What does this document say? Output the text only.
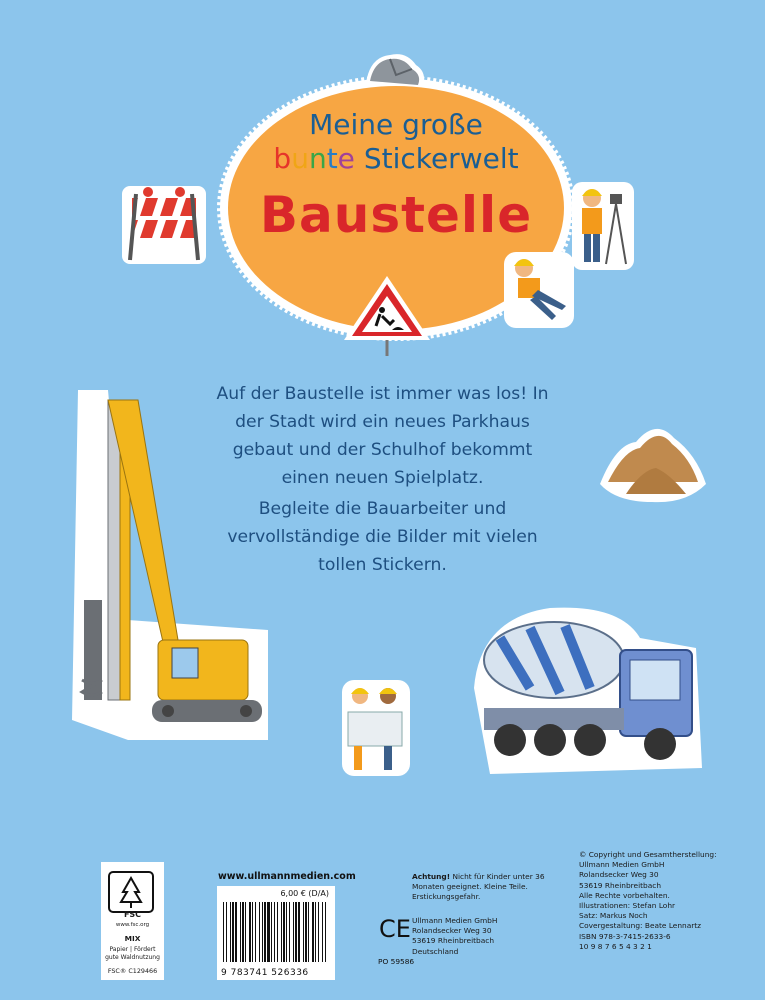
Meine große
bunte Stickerwelt
Baustelle
Auf der Baustelle ist immer was los! In der Stadt wird ein neues Parkhaus gebaut und der Schulhof bekommt einen neuen Spielplatz.
Begleite die Bauarbeiter und vervollständige die Bilder mit vielen tollen Stickern.
FSC
www.fsc.org
MIX
Papier | Fördert gute Waldnutzung
FSC® C129466
www.ullmannmedien.com
6,00 € (D/A)
9 783741 526336
CE
PO 59586
Achtung! Nicht für Kinder unter 36 Monaten geeignet. Kleine Teile. Erstickungsgefahr.
Ullmann Medien GmbH
Rolandsecker Weg 30
53619 Rheinbreitbach
Deutschland
© Copyright und Gesamtherstellung:
Ullmann Medien GmbH
Rolandsecker Weg 30
53619 Rheinbreitbach
Alle Rechte vorbehalten.
Illustrationen: Stefan Lohr
Satz: Markus Noch
Covergestaltung: Beate Lennartz
ISBN 978-3-7415-2633-6
10 9 8 7 6 5 4 3 2 1
